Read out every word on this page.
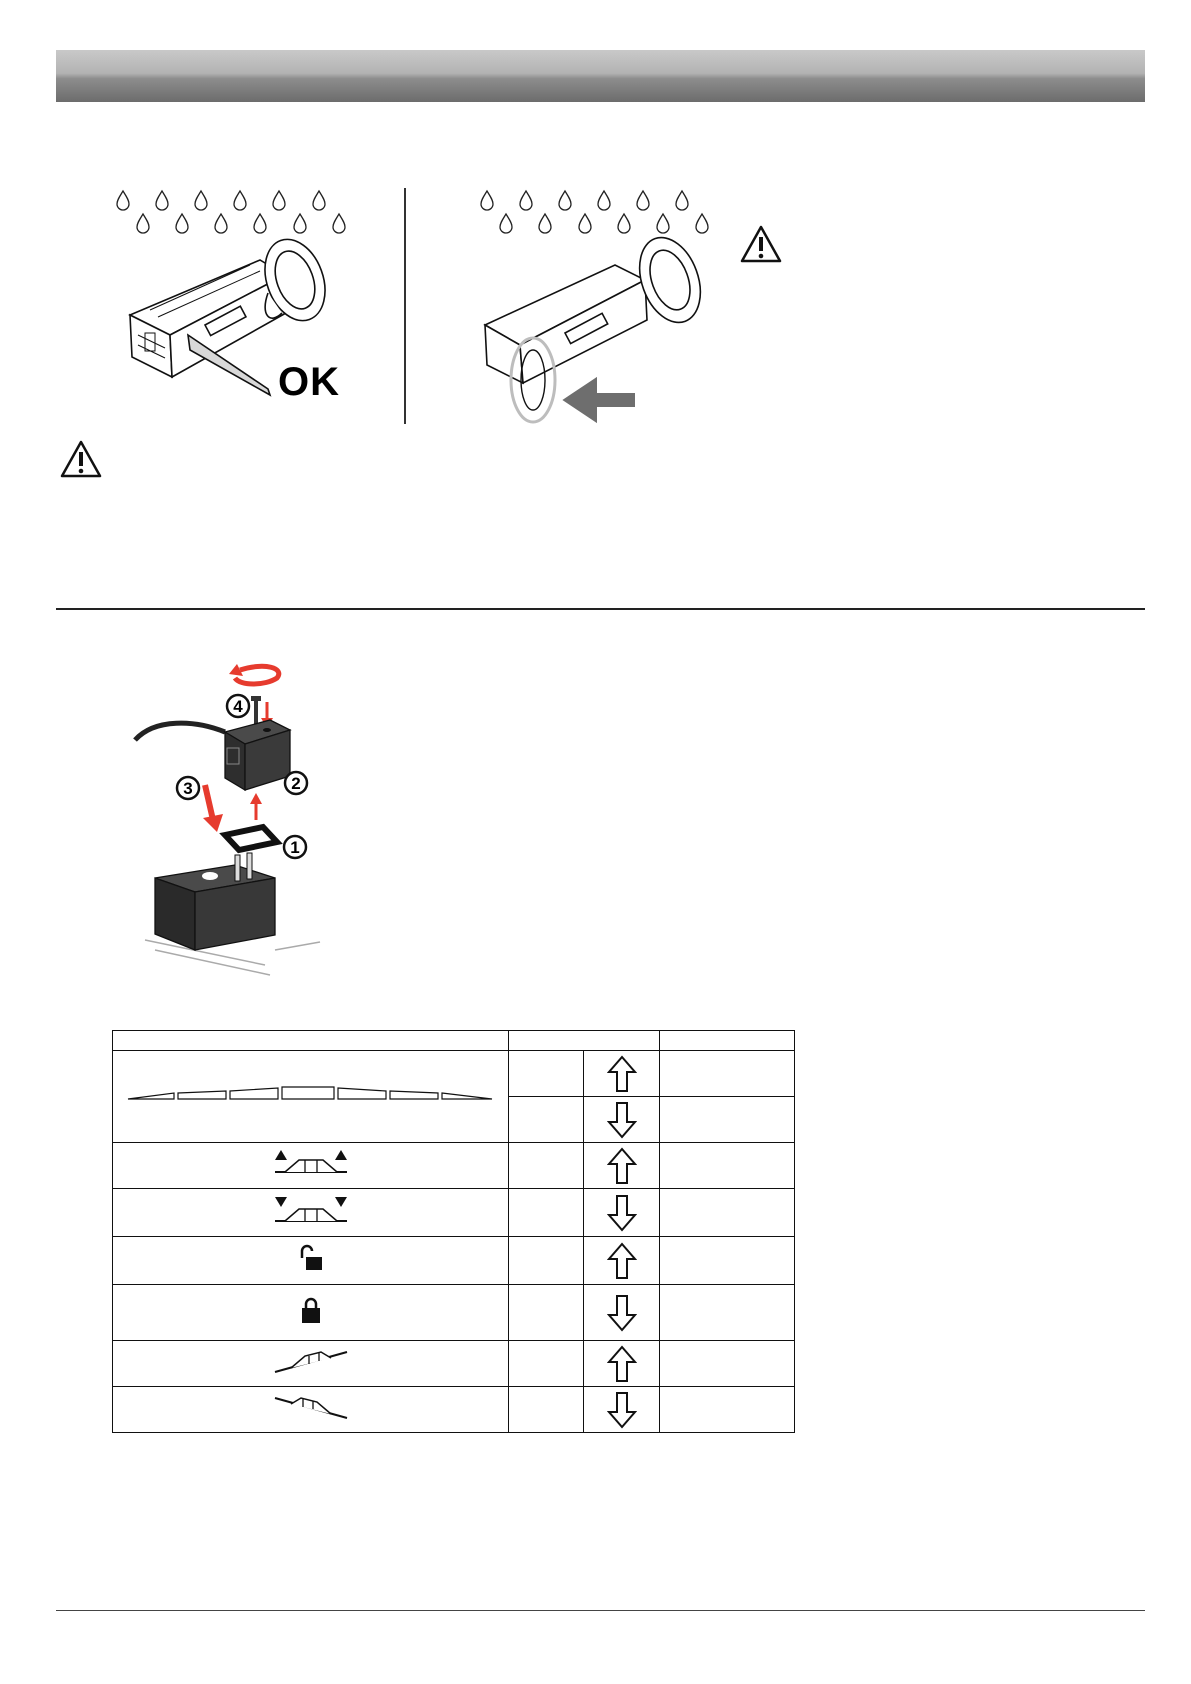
OK
4
2
3
1
